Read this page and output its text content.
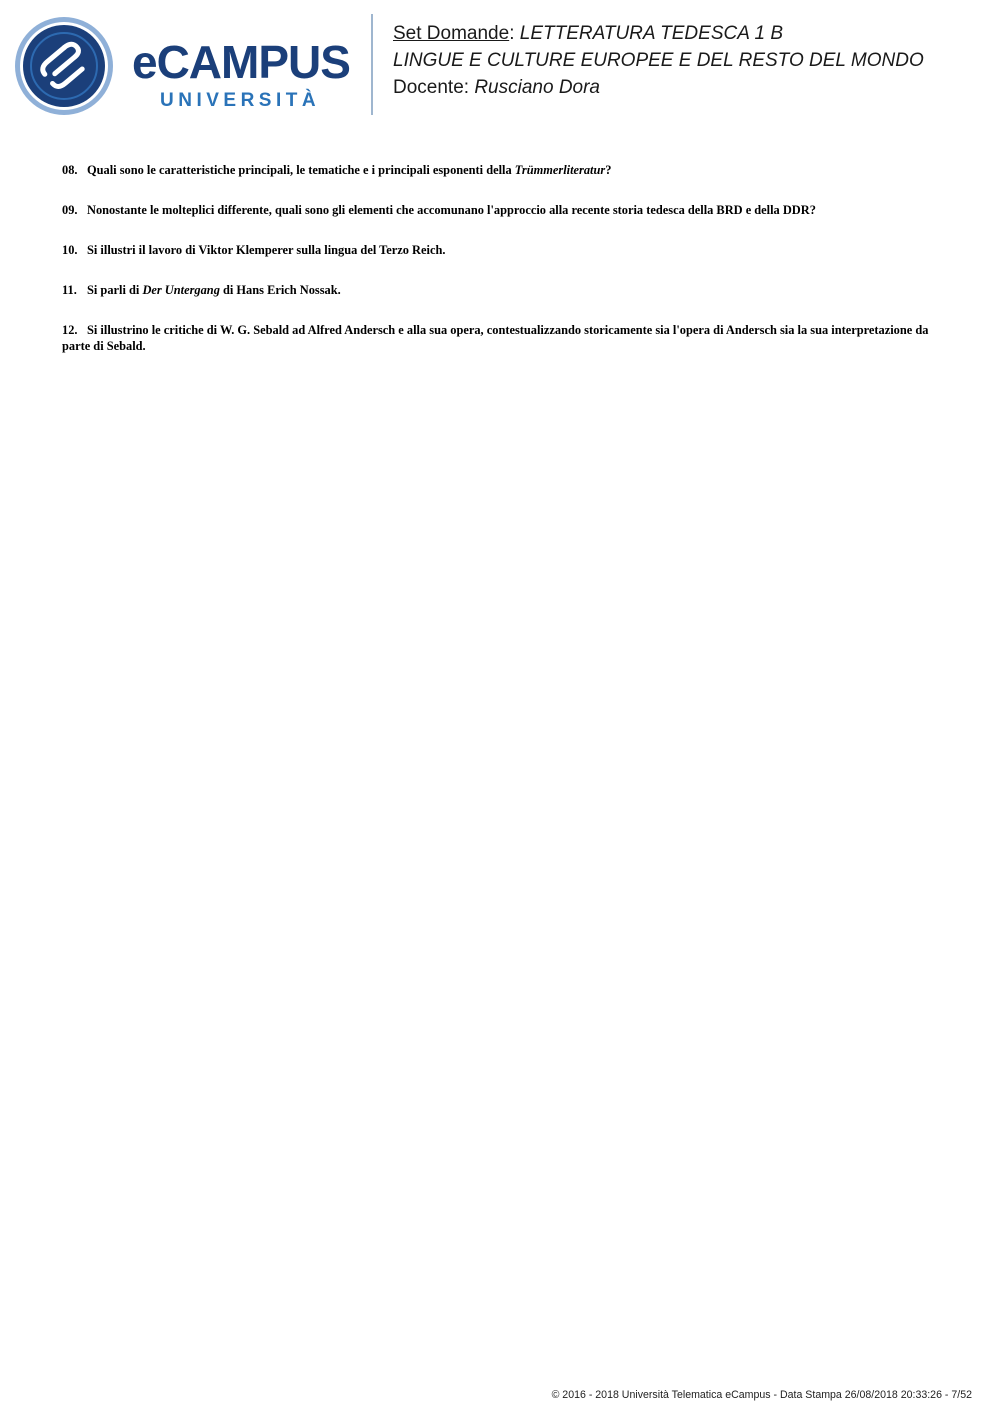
eCAMPUS
UNIVERSITÀ
Set Domande: LETTERATURA TEDESCA 1 B
LINGUE E CULTURE EUROPEE E DEL RESTO DEL MONDO
Docente: Rusciano Dora

08. Quali sono le caratteristiche principali, le tematiche e i principali esponenti della Trümmerliteratur?

09. Nonostante le molteplici differente, quali sono gli elementi che accomunano l'approccio alla recente storia tedesca della BRD e della DDR?

10. Si illustri il lavoro di Viktor Klemperer sulla lingua del Terzo Reich.

11. Si parli di Der Untergang di Hans Erich Nossak.

12. Si illustrino le critiche di W. G. Sebald ad Alfred Andersch e alla sua opera, contestualizzando storicamente sia l'opera di Andersch sia la sua interpretazione da parte di Sebald.

© 2016 - 2018 Università Telematica eCampus - Data Stampa 26/08/2018 20:33:26 - 7/52
